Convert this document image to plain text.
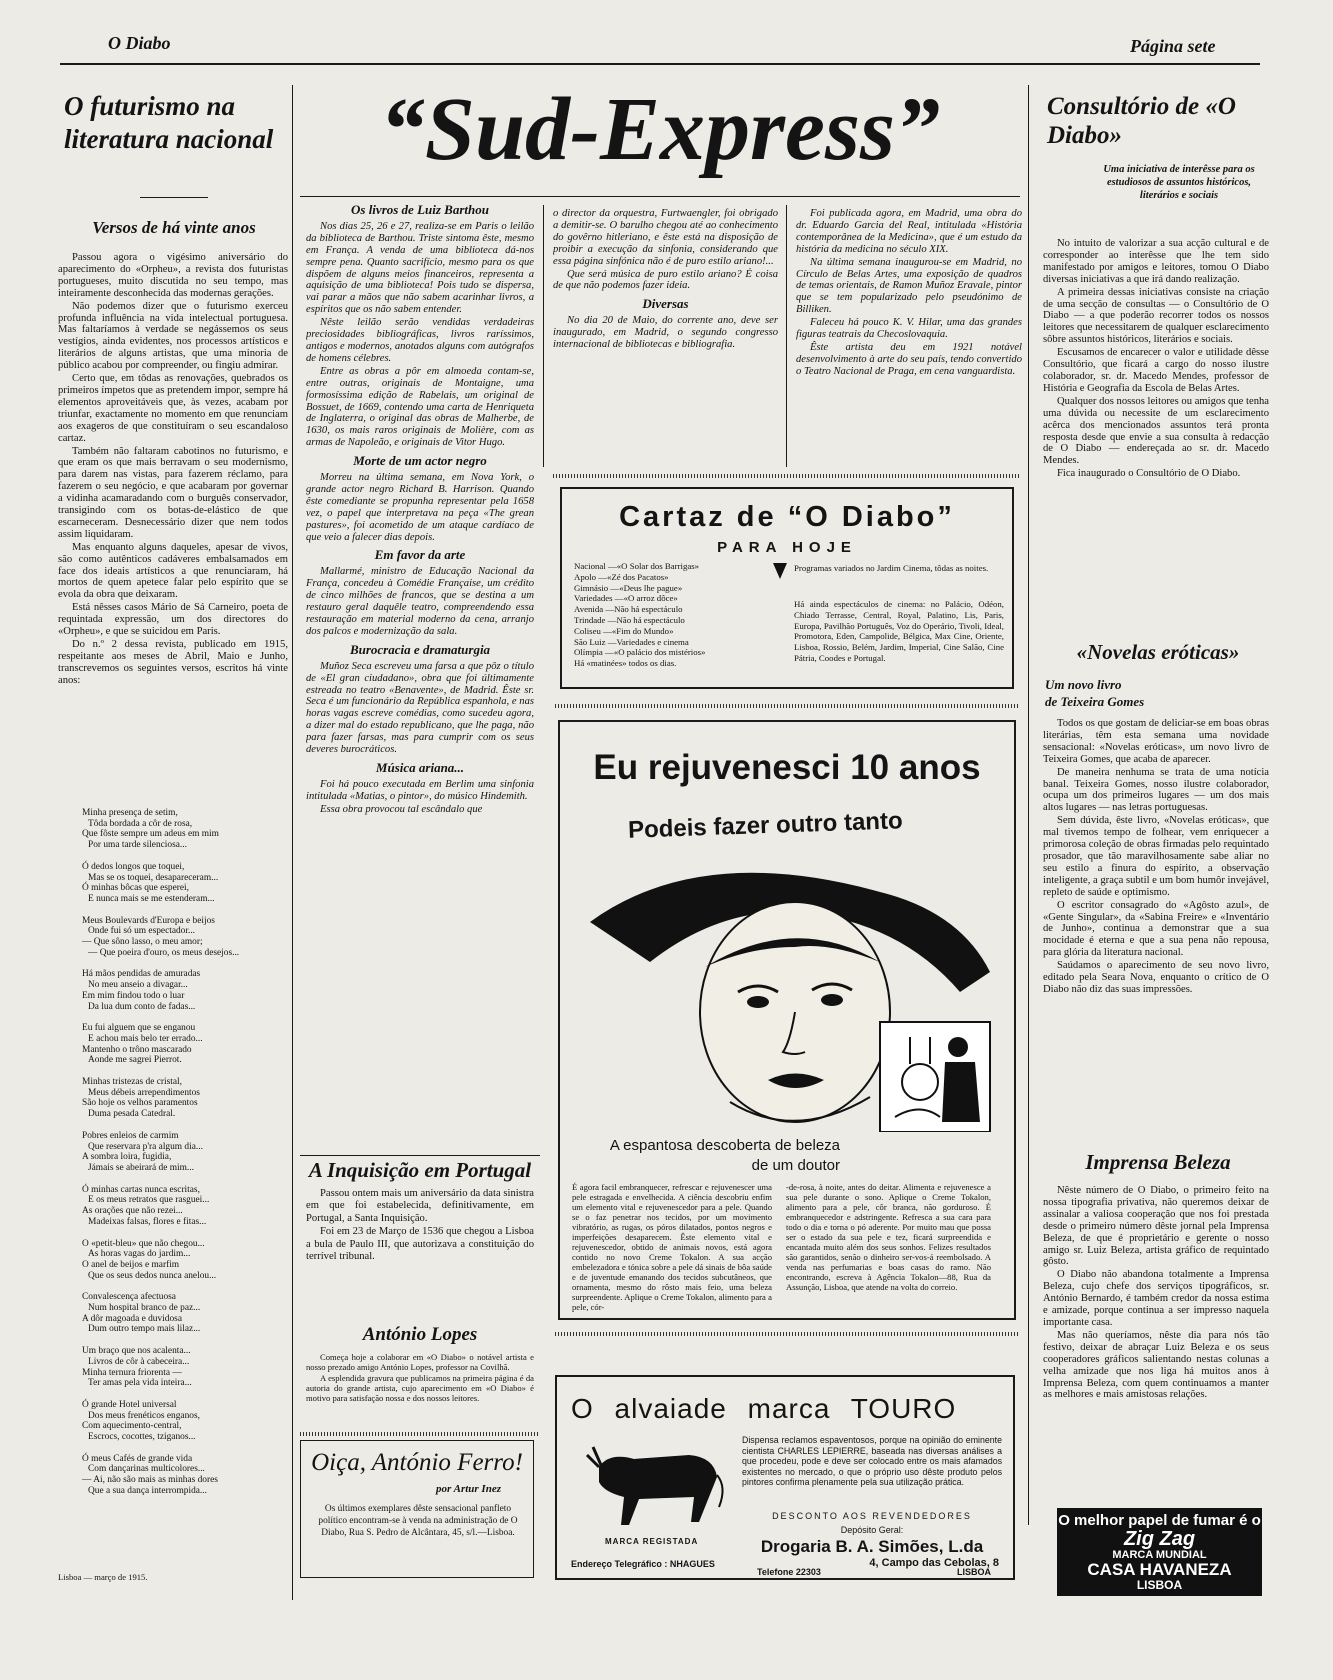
O Diabo	Página sete
O futurismo na literatura nacional
Versos de há vinte anos

Passou agora o vigésimo aniversário do aparecimento do «Orpheu», a revista dos futuristas portugueses, muito discutida no seu tempo, mas inteiramente desconhecida das modernas gerações.

Não podemos dizer que o futurismo exerceu profunda influência na vida intelectual portuguesa. Mas faltaríamos à verdade se negássemos os seus vestígios, ainda evidentes, nos processos artísticos e literários de alguns artistas, que uma minoria de público acabou por compreender, ou fingiu admirar.

Certo que, em tôdas as renovações, quebrados os primeiros ímpetos que as pretendem impor, sempre há elementos aproveitáveis que, às vezes, acabam por triunfar, exactamente no momento em que renunciam aos exageros de que constituíram o seu escandaloso cartaz.

Também não faltaram cabotinos no futurismo, e que eram os que mais berravam o seu modernismo, para darem nas vistas, para fazerem réclamo, para fazerem o seu negócio, e que acabaram por governar a vidinha acamaradando com o burguês conservador, transigindo com os botas-de-elástico de que escarneceram. Desnecessário dizer que nem todos assim liquidaram.

Mas enquanto alguns daqueles, apesar de vivos, são como autênticos cadáveres embalsamados em face dos ideais artísticos a que renunciaram, há mortos de quem apetece falar pelo espírito que se evola da obra que deixaram.

Está nêsses casos Mário de Sá Carneiro, poeta de requintada expressão, um dos directores do «Orpheu», e que se suicidou em Paris.

Do n.º 2 dessa revista, publicado em 1915, respeitante aos meses de Abril, Maio e Junho, transcrevemos os seguintes versos, escritos há vinte anos:

Minha presença de setim,
Tôda bordada a côr de rosa,
Que fôste sempre um adeus em mim
Por uma tarde silenciosa...
Ó dedos longos que toquei,
Mas se os toquei, desapareceram...
Ó minhas bôcas que esperei,
E nunca mais se me estenderam...
Meus Boulevards d'Europa e beijos
Onde fui só um espectador...
— Que sôno lasso, o meu amor;
— Que poeira d'ouro, os meus desejos...
Há mãos pendidas de amuradas
No meu anseio a divagar...
Em mim findou todo o luar
Da lua dum conto de fadas...
Eu fui alguem que se enganou
E achou mais belo ter errado...
Mantenho o trôno mascarado
Aonde me sagrei Pierrot.
Minhas tristezas de cristal,
Meus débeis arrependimentos
São hoje os velhos paramentos
Duma pesada Catedral.
Pobres enleios de carmim
Que reservara p'ra algum dia...
A sombra loira, fugidia,
Jámais se abeirará de mim...
Ó minhas cartas nunca escritas,
E os meus retratos que rasguei...
As orações que não rezei...
Madeixas falsas, flores e fitas...
O «petit-bleu» que não chegou...
As horas vagas do jardim...
O anel de beijos e marfim
Que os seus dedos nunca anelou...
Convalescença afectuosa
Num hospital branco de paz...
A dôr magoada e duvidosa
Dum outro tempo mais lilaz...
Um braço que nos acalenta...
Livros de côr à cabeceira...
Minha ternura friorenta —
Ter amas pela vida inteira...
Ó grande Hotel universal
Dos meus frenéticos enganos,
Com aquecimento-central,
Escrocs, cocottes, tziganos...
Ó meus Cafés de grande vida
Com dançarinas multicolores...
— Ai, não são mais as minhas dores
Que a sua dança interrompida...
Lisboa — março de 1915.
“Sud-Express”
Os livros de Luiz Barthou

Nos dias 25, 26 e 27, realiza-se em Paris o leilão da biblioteca de Barthou. Triste sintoma êste, mesmo em França. A venda de uma biblioteca dá-nos sempre pena. Quanto sacrifício, mesmo para os que dispõem de alguns meios financeiros, representa a aquisição de uma biblioteca! Pois tudo se dispersa, vai parar a mãos que não sabem acarinhar livros, a espíritos que os não sabem entender.

Nêste leilão serão vendidas verdadeiras preciosidades bibliográficas, livros raríssimos, antigos e modernos, anotados alguns com autógrafos de homens célebres.

Entre as obras a pôr em almoeda contam-se, entre outras, originais de Montaigne, uma formosíssima edição de Rabelais, um original de Bossuet, de 1669, contendo uma carta de Henriqueta de Inglaterra, o original das obras de Malherbe, de 1630, os mais raros originais de Molière, com as armas de Napoleão, e originais de Vitor Hugo.

Morte de um actor negro

Morreu na última semana, em Nova York, o grande actor negro Richard B. Harrison. Quando êste comediante se propunha representar pela 1658 vez, o papel que interpretava na peça «The grean pastures», foi acometido de um ataque cardíaco de que veio a falecer dias depois.

Em favor da arte

Mallarmé, ministro de Educação Nacional da França, concedeu à Comédie Française, um crédito de cinco milhões de francos, que se destina a um restauro geral daquêle teatro, compreendendo essa restauração em material moderno da cena, arranjo dos palcos e modernização da sala.

Burocracia e dramaturgia

Muñoz Seca escreveu uma farsa a que pôz o título de «El gran ciudadano», obra que foi últimamente estreada no teatro «Benavente», de Madrid. Êste sr. Seca é um funcionário da República espanhola, e nas horas vagas escreve comédias, como sucedeu agora, a dizer mal do estado republicano, que lhe paga, não para fazer farsas, mas para cumprir com os seus deveres burocráticos.

Música ariana...

Foi há pouco executada em Berlim uma sinfonia intitulada «Matias, o pintor», do músico Hindemith.

Essa obra provocou tal escândalo que

o director da orquestra, Furtwaengler, foi obrigado a demitir-se. O barulho chegou até ao conhecimento do govêrno hitleriano, e êste está na disposição de proibir a execução da sinfonia, considerando que essa página sinfónica não é de puro estilo ariano!...

Que será música de puro estilo ariano? É coisa de que não podemos fazer ideia.

Diversas

No dia 20 de Maio, do corrente ano, deve ser inaugurado, em Madrid, o segundo congresso internacional de bibliotecas e bibliografia.

Foi publicada agora, em Madrid, uma obra do dr. Eduardo Garcia del Real, intitulada «História contemporânea de la Medicina», que é um estudo da história da medicina no século XIX.

Na última semana inaugurou-se em Madrid, no Círculo de Belas Artes, uma exposição de quadros de temas orientais, de Ramon Muñoz Eravale, pintor que se tem popularizado pelo pseudónimo de Billiken.

Faleceu há pouco K. V. Hilar, uma das grandes figuras teatrais da Checoslovaquia.

Êste artista deu em 1921 notável desenvolvimento à arte do seu país, tendo convertido o Teatro Nacional de Praga, em cena vanguardista.

Cartaz de “O Diabo”
PARA HOJE
Nacional —«O Solar dos Barrigas»
Apolo —«Zé dos Pacatos»
Gimnásio —«Deus lhe pague»
Variedades —«O arroz dôce»
Avenida —Não há espectáculo
Trindade —Não há espectáculo
Coliseu —«Fim do Mundo»
São Luiz —Variedades e cinema
Olímpia —«O palácio dos mistérios»
Há «matinées» todos os dias.
Programas variados no Jardim Cinema, tôdas as noites.
Há ainda espectáculos de cinema: no Palácio, Odéon, Chiado Terrasse, Central, Royal, Palatino, Lis, Paris, Europa, Pavilhão Português, Voz do Operário, Tivoli, Ideal, Promotora, Eden, Campolide, Bélgica, Max Cine, Oriente, Lisboa, Rossio, Belém, Jardim, Imperial, Cine Salão, Cine Pátria, Coodes e Portugal.
Eu rejuvenesci 10 anos
Podeis fazer outro tanto
A espantosa descoberta de beleza
de um doutor
É agora facil embranquecer, refrescar e rejuvenescer uma pele estragada e envelhecida. A ciência descobriu enfim um elemento vital e rejuvenescedor para a pele. Quando se o faz penetrar nos tecidos, por um movimento vibratório, as rugas, os póros dilatados, pontos negros e imperfeições desaparecem. Êste elemento vital e rejuvenescedor, obtido de animais novos, está agora contido no novo Creme Tokalon. A sua acção embelezadora e tónica sobre a pele dá sinais de bôa saúde e de juventude emanando dos tecidos subcutâneos, que ornamenta, mesmo do rôsto mais feio, uma beleza surpreendente. Aplique o Creme Tokalon, alimento para a pele, cór-
-de-rosa, à noite, antes do deitar. Alimenta e rejuvenesce a sua pele durante o sono. Aplique o Creme Tokalon, alimento para a pele, côr branca, não gorduroso. É embranquecedor e adstringente. Refresca a sua cara para todo o dia e torna o pó aderente. Por muito mau que possa ser o estado da sua pele e tez, ficará surpreendida e encantada muito além dos seus sonhos. Felizes resultados são garantidos, senão o dinheiro ser-vos-á reembolsado. A venda nas perfumarias e boas casas do ramo. Não encontrando, escreva à Agência Tokalon—88, Rua da Assunção, Lisboa, que atende na volta do correio.
O alvaiade marca TOURO
MARCA REGISTADA
Dispensa reclamos espaventosos, porque na opinião do eminente cientista CHARLES LEPIERRE, baseada nas diversas análises a que procedeu, pode e deve ser colocado entre os mais afamados existentes no mercado, o que o próprio uso dêste produto pelos pintores confirma plenamente pela sua utilização prática.
DESCONTO AOS REVENDEDORES
Depósito Geral:
Drogaria B. A. Simões, L.da
4, Campo das Cebolas, 8
Endereço Telegráfico : NHAGUES
Telefone 22303	LISBOA
A Inquisição em Portugal

Passou ontem mais um aniversário da data sinistra em que foi estabelecida, definitivamente, em Portugal, a Santa Inquisição.

Foi em 23 de Março de 1536 que chegou a Lisboa a bula de Paulo III, que autorizava a constituição do terrível tribunal.

António Lopes

Começa hoje a colaborar em «O Diabo» o notável artista e nosso prezado amigo António Lopes, professor na Covilhã.

A esplendida gravura que publicamos na primeira página é da autoria do grande artista, cujo aparecimento em «O Diabo» é motivo para satisfação nossa e dos nossos leitores.

Oiça, António Ferro!
por Artur Inez
Os últimos exemplares dêste sensacional panfleto político encontram-se à venda na administração de O Diabo, Rua S. Pedro de Alcântara, 45, s/l.—Lisboa.
Consultório de «O Diabo»
Uma iniciativa de interêsse para os estudiosos de assuntos históricos, literários e sociais

No intuito de valorizar a sua acção cultural e de corresponder ao interêsse que lhe tem sido manifestado por amigos e leitores, tomou O Diabo diversas iniciativas a que irá dando realização.

A primeira dessas iniciativas consiste na criação de uma secção de consultas — o Consultório de O Diabo — a que poderão recorrer todos os nossos leitores que necessitarem de qualquer esclarecimento sôbre assuntos históricos, literários e sociais.

Escusamos de encarecer o valor e utilidade dêsse Consultório, que ficará a cargo do nosso ilustre colaborador, sr. dr. Macedo Mendes, professor de História e Geografia da Escola de Belas Artes.

Qualquer dos nossos leitores ou amigos que tenha uma dúvida ou necessite de um esclarecimento acêrca dos mencionados assuntos terá pronta resposta desde que envie a sua consulta à redacção de O Diabo — endereçada ao sr. dr. Macedo Mendes.

Fica inaugurado o Consultório de O Diabo.

«Novelas eróticas»
Um novo livro
de Teixeira Gomes

Todos os que gostam de deliciar-se em boas obras literárias, têm esta semana uma novidade sensacional: «Novelas eróticas», um novo livro de Teixeira Gomes, que acaba de aparecer.

De maneira nenhuma se trata de uma notícia banal. Teixeira Gomes, nosso ilustre colaborador, ocupa um dos primeiros lugares — um dos mais altos lugares — nas letras portuguesas.

Sem dúvida, êste livro, «Novelas eróticas», que mal tivemos tempo de folhear, vem enriquecer a primorosa coleção de obras firmadas pelo requintado prosador, que tão maravilhosamente sabe aliar no seu estilo a finura do espírito, a observação inteligente, a graça subtil e um bom humôr invejável, repleto de saúde e optimismo.

O escritor consagrado do «Agôsto azul», de «Gente Singular», da «Sabina Freire» e «Inventário de Junho», continua a demonstrar que a sua mocidade é eterna e que a sua pena não repousa, para glória da literatura nacional.

Saúdamos o aparecimento de seu novo livro, editado pela Seara Nova, enquanto o crítico de O Diabo não diz das suas impressões.

Imprensa Beleza

Nêste número de O Diabo, o primeiro feito na nossa tipografia privativa, não queremos deixar de assinalar a valiosa cooperação que nos foi prestada desde o primeiro número dêste jornal pela Imprensa Beleza, de que é proprietário e gerente o nosso amigo sr. Luiz Beleza, artista gráfico de requintado gôsto.

O Diabo não abandona totalmente a Imprensa Beleza, cujo chefe dos serviços tipográficos, sr. António Bernardo, é também credor da nossa estima e amizade, porque continua a ser impresso naquela importante casa.

Mas não queríamos, nêste dia para nós tão festivo, deixar de abraçar Luiz Beleza e os seus cooperadores gráficos salientando nestas colunas a velha amizade que nos liga há muitos anos à Imprensa Beleza, com quem continuamos a manter as melhores e mais amistosas relações.

O melhor papel de fumar é o
Zig Zag
MARCA MUNDIAL
CASA HAVANEZA
LISBOA
